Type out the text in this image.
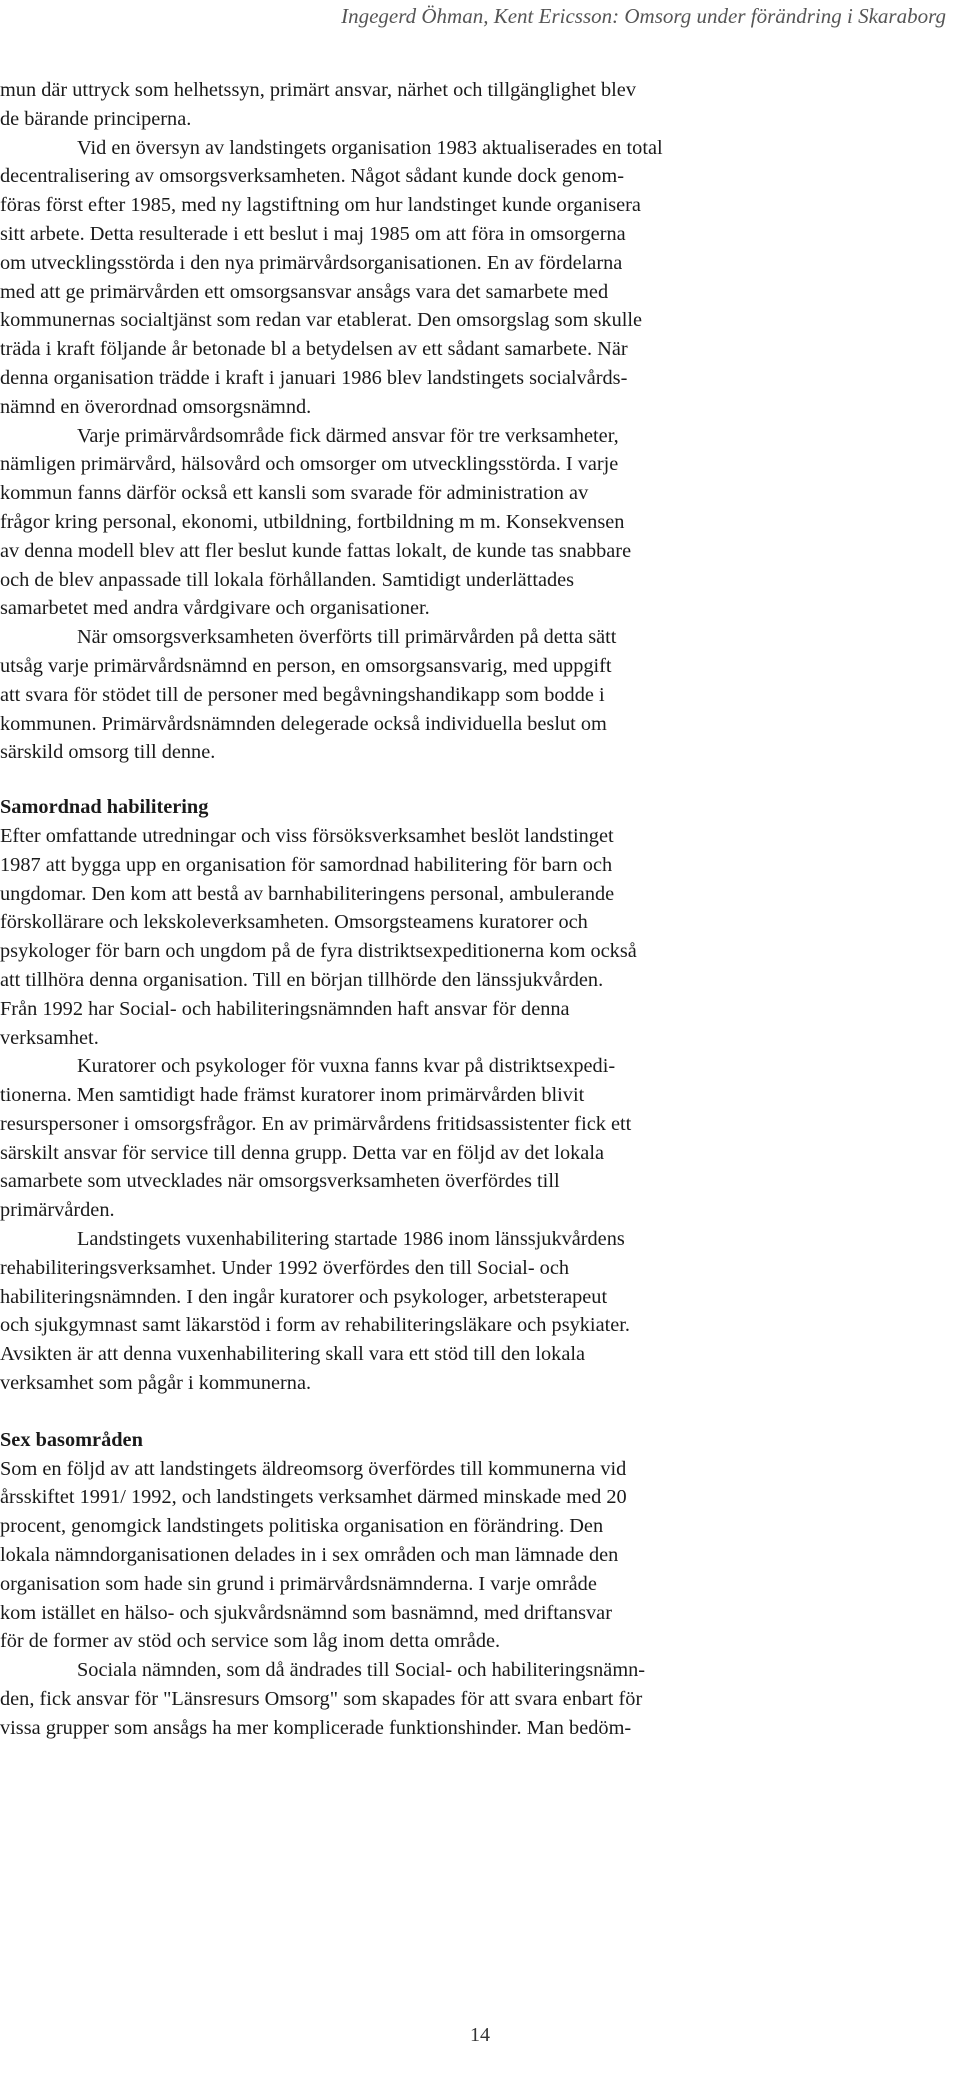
Ingegerd Öhman, Kent Ericsson: Omsorg under förändring i Skaraborg
mun där uttryck som helhetssyn, primärt ansvar, närhet och tillgänglighet blev
de bärande principerna.
Vid en översyn av landstingets organisation 1983 aktualiserades en total
decentralisering av omsorgsverksamheten. Något sådant kunde dock genom-
föras först efter 1985, med ny lagstiftning om hur landstinget kunde organisera
sitt arbete. Detta resulterade i ett beslut i maj 1985 om att föra in omsorgerna
om utvecklingsstörda i den nya primärvårdsorganisationen. En av fördelarna
med att ge primärvården ett omsorgsansvar ansågs vara det samarbete med
kommunernas socialtjänst som redan var etablerat. Den omsorgslag som skulle
träda i kraft följande år betonade bl a betydelsen av ett sådant samarbete. När
denna organisation trädde i kraft i januari 1986 blev landstingets socialvårds-
nämnd en överordnad omsorgsnämnd.
Varje primärvårdsområde fick därmed ansvar för tre verksamheter,
nämligen primärvård, hälsovård och omsorger om utvecklingsstörda. I varje
kommun fanns därför också ett kansli som svarade för administration av
frågor kring personal, ekonomi, utbildning, fortbildning m m. Konsekvensen
av denna modell blev att fler beslut kunde fattas lokalt, de kunde tas snabbare
och de blev anpassade till lokala förhållanden. Samtidigt underlättades
samarbetet med andra vårdgivare och organisationer.
När omsorgsverksamheten överförts till primärvården på detta sätt
utsåg varje primärvårdsnämnd en person, en omsorgsansvarig, med uppgift
att svara för stödet till de personer med begåvningshandikapp som bodde i
kommunen. Primärvårdsnämnden delegerade också individuella beslut om
särskild omsorg till denne.
Samordnad habilitering
Efter omfattande utredningar och viss försöksverksamhet beslöt landstinget
1987 att bygga upp en organisation för samordnad habilitering för barn och
ungdomar. Den kom att bestå av barnhabiliteringens personal, ambulerande
förskollärare och lekskoleverksamheten. Omsorgsteamens kuratorer och
psykologer för barn och ungdom på de fyra distriktsexpeditionerna kom också
att tillhöra denna organisation. Till en början tillhörde den länssjukvården.
Från 1992 har Social- och habiliteringsnämnden haft ansvar för denna
verksamhet.
Kuratorer och psykologer för vuxna fanns kvar på distriktsexpedi-
tionerna. Men samtidigt hade främst kuratorer inom primärvården blivit
resurspersoner i omsorgsfrågor. En av primärvårdens fritidsassistenter fick ett
särskilt ansvar för service till denna grupp. Detta var en följd av det lokala
samarbete som utvecklades när omsorgsverksamheten överfördes till
primärvården.
Landstingets vuxenhabilitering startade 1986 inom länssjukvårdens
rehabiliteringsverksamhet. Under 1992 överfördes den till Social- och
habiliteringsnämnden. I den ingår kuratorer och psykologer, arbetsterapeut
och sjukgymnast samt läkarstöd i form av rehabiliteringsläkare och psykiater.
Avsikten är att denna vuxenhabilitering skall vara ett stöd till den lokala
verksamhet som pågår i kommunerna.
Sex basområden
Som en följd av att landstingets äldreomsorg överfördes till kommunerna vid
årsskiftet 1991/ 1992, och landstingets verksamhet därmed minskade med 20
procent, genomgick landstingets politiska organisation en förändring. Den
lokala nämndorganisationen delades in i sex områden och man lämnade den
organisation som hade sin grund i primärvårdsnämnderna. I varje område
kom istället en hälso- och sjukvårdsnämnd som basnämnd, med driftansvar
för de former av stöd och service som låg inom detta område.
Sociala nämnden, som då ändrades till Social- och habiliteringsnämn-
den, fick ansvar för "Länsresurs Omsorg" som skapades för att svara enbart för
vissa grupper som ansågs ha mer komplicerade funktionshinder. Man bedöm-
14
